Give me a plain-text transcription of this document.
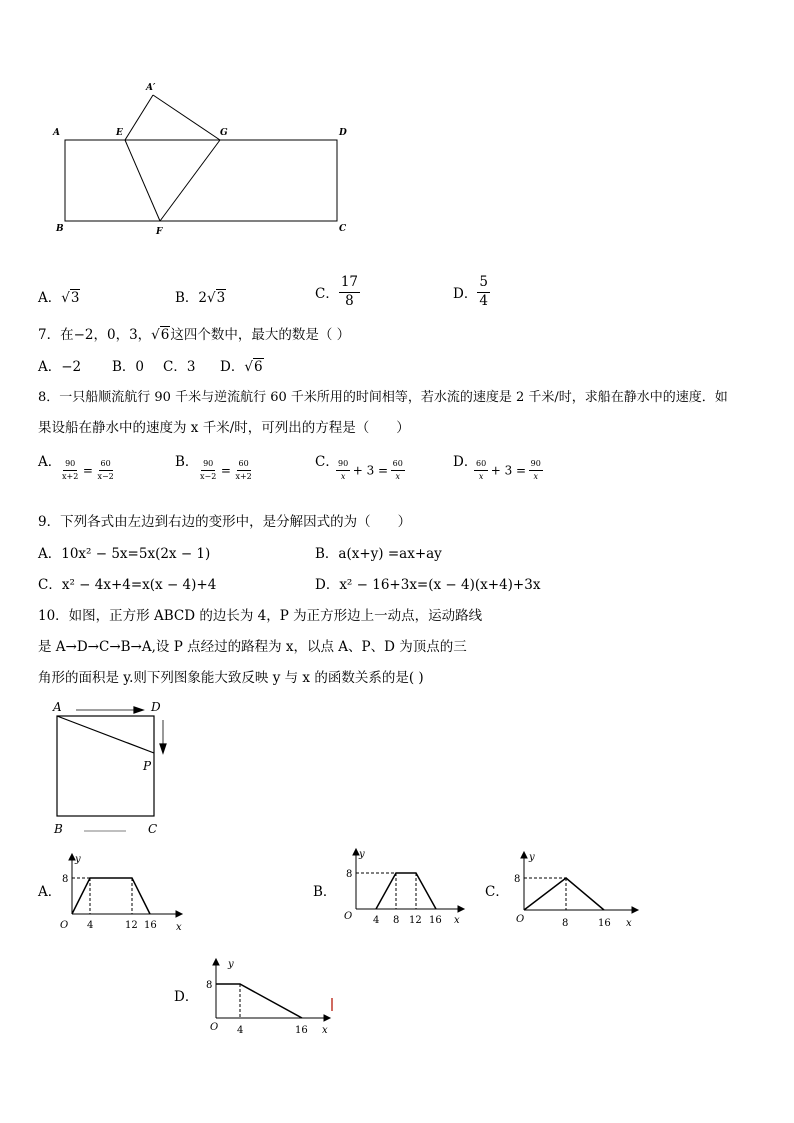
A
B	C
D
E
F
G
A′
A．√3	B．2√3	C． $\frac{17}{8}$	D． $\frac{5}{4}$
7．在−2，0，3，√6这四个数中，最大的数是（ ）
A．−2 B．0 C．3 D．√6
8．一只船顺流航行 90 千米与逆流航行 60 千米所用的时间相等，若水流的速度是 2 千米/时，求船在静水中的速度．如
果设船在静水中的速度为 x 千米/时，可列出的方程是（　　）
A．
$\frac{90}{x+2} = \frac{60}{x-2}$	B． $\frac{90}{x-2} = \frac{60}{x+2}$	C．
$\frac{90}{x} + 3 = \frac{60}{x}$	D．
$\frac{60}{x} + 3 = \frac{90}{x}$
9．下列各式由左边到右边的变形中，是分解因式的为（　　）
A．10x² − 5x=5x(2x − 1)	B．a(x+y) =ax+ay
C．x² − 4x+4=x(x − 4)+4	D．x² − 16+3x=(x − 4)(x+4)+3x
10．如图，正方形 ABCD 的边长为 4，P 为正方形边上一动点，运动路线
是 A→D→C→B→A,设 P 点经过的路程为 x，以点 A、P、D 为顶点的三
角形的面积是 y.则下列图象能大致反映 y 与 x 的函数关系的是( )
A	D
B	C
P
A．	B．	C．
D．
y
x
O
8
4	12 16
y
x
O
8
4 8 12 16
y
x
O
8
8	16
y
x
O
8
4	16
